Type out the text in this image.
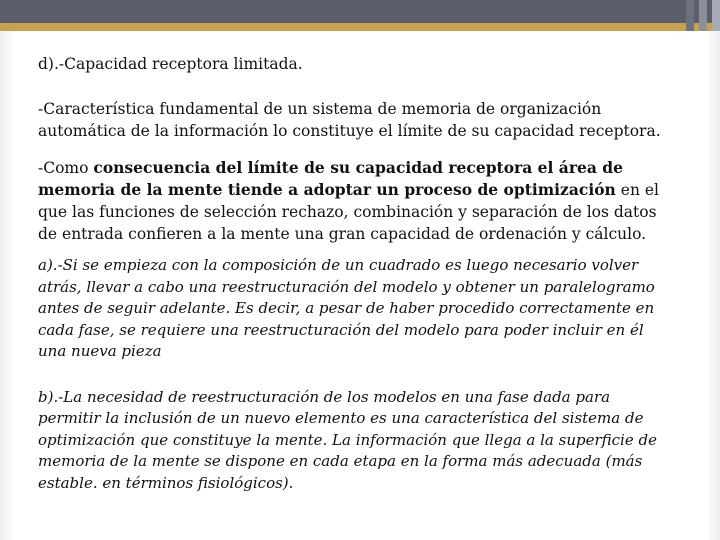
d).-Capacidad receptora limitada.

-Característica fundamental de un sistema de memoria de organización automática de la información lo constituye el límite de su capacidad receptora.

-Como consecuencia del límite de su capacidad receptora el área de memoria de la mente tiende a adoptar un proceso de optimización en el que las funciones de selección rechazo, combinación y separación de los datos de entrada confieren a la mente una gran capacidad de ordenación y cálculo.

a).-Si se empieza con la composición de un cuadrado es luego necesario volver atrás, llevar a cabo una reestructuración del modelo y obtener un paralelogramo antes de seguir adelante. Es decir, a pesar de haber procedido correctamente en cada fase, se requiere una reestructuración del modelo para poder incluir en él una nueva pieza

b).-La necesidad de reestructuración de los modelos en una fase dada para permitir la inclusión de un nuevo elemento es una característica del sistema de optimización que constituye la mente. La información que llega a la superficie de memoria de la mente se dispone en cada etapa en la forma más adecuada (más estable. en términos fisiológicos).
